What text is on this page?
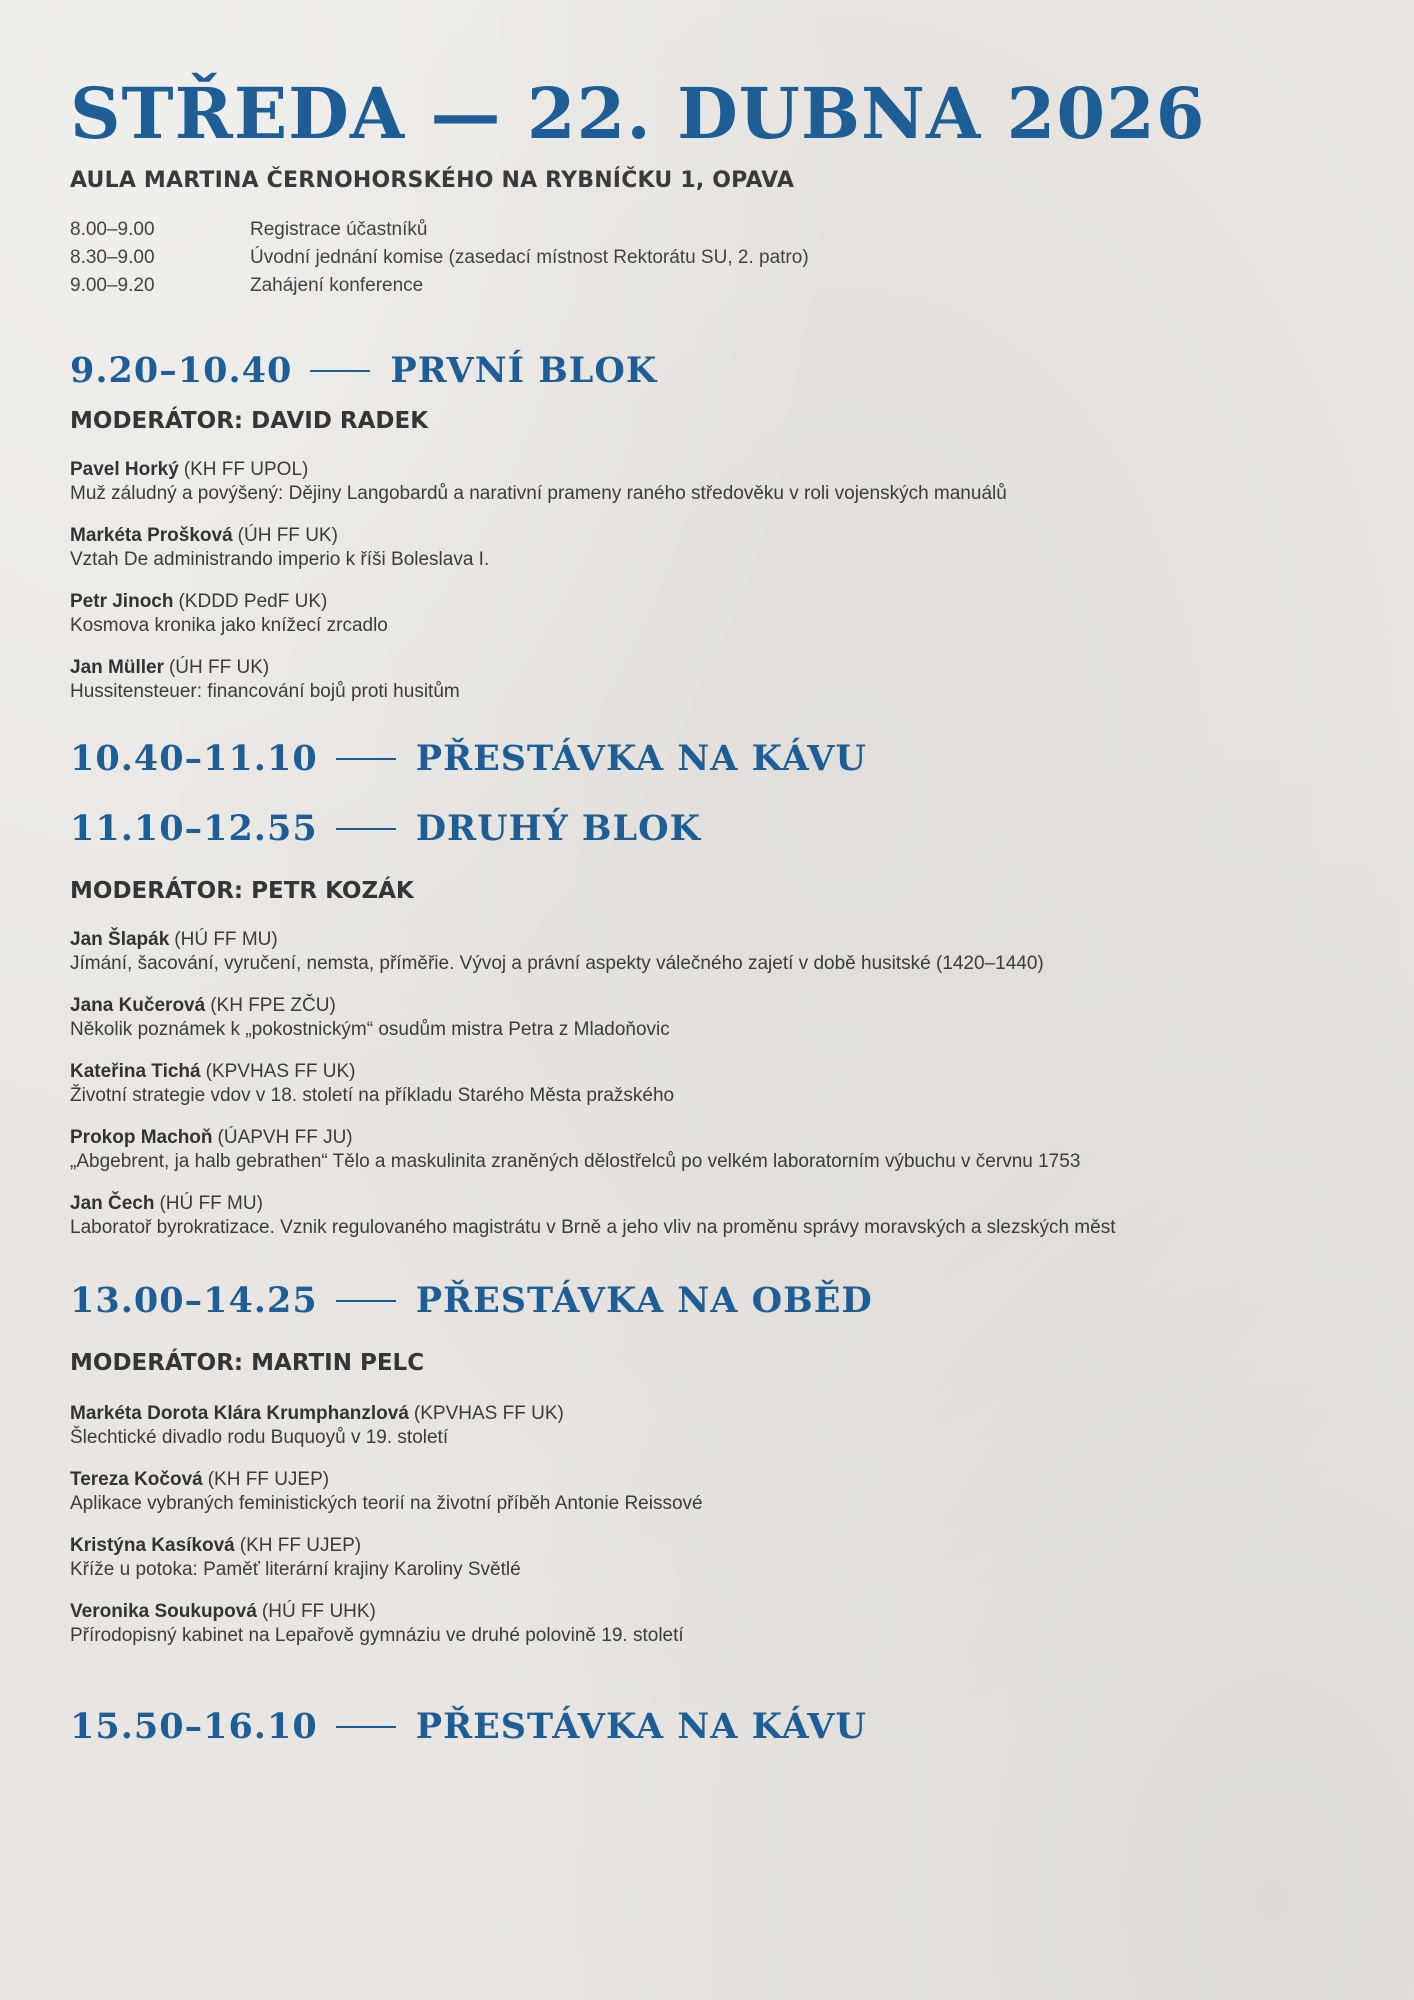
STŘEDA — 22. DUBNA 2026
AULA MARTINA ČERNOHORSKÉHO NA RYBNÍČKU 1, OPAVA
8.00–9.00	Registrace účastníků
8.30–9.00	Úvodní jednání komise (zasedací místnost Rektorátu SU, 2. patro)
9.00–9.20	Zahájení konference
9.20–10.40	PRVNÍ BLOK
MODERÁTOR: DAVID RADEK
Pavel Horký (KH FF UPOL)
Muž záludný a povýšený: Dějiny Langobardů a narativní prameny raného středověku v roli vojenských manuálů
Markéta Prošková (ÚH FF UK)
Vztah De administrando imperio k říši Boleslava I.
Petr Jinoch (KDDD PedF UK)
Kosmova kronika jako knížecí zrcadlo
Jan Müller (ÚH FF UK)
Hussitensteuer: financování bojů proti husitům
10.40–11.10	PŘESTÁVKA NA KÁVU
11.10–12.55	DRUHÝ BLOK
MODERÁTOR: PETR KOZÁK
Jan Šlapák (HÚ FF MU)
Jímání, šacování, vyručení, nemsta, příměřie. Vývoj a právní aspekty válečného zajetí v době husitské (1420–1440)
Jana Kučerová (KH FPE ZČU)
Několik poznámek k „pokostnickým“ osudům mistra Petra z Mladoňovic
Kateřina Tichá (KPVHAS FF UK)
Životní strategie vdov v 18. století na příkladu Starého Města pražského
Prokop Machoň (ÚAPVH FF JU)
„Abgebrent, ja halb gebrathen“ Tělo a maskulinita zraněných dělostřelců po velkém laboratorním výbuchu v červnu 1753
Jan Čech (HÚ FF MU)
Laboratoř byrokratizace. Vznik regulovaného magistrátu v Brně a jeho vliv na proměnu správy moravských a slezských měst
13.00–14.25	PŘESTÁVKA NA OBĚD
MODERÁTOR: MARTIN PELC
Markéta Dorota Klára Krumphanzlová (KPVHAS FF UK)
Šlechtické divadlo rodu Buquoyů v 19. století
Tereza Kočová (KH FF UJEP)
Aplikace vybraných feministických teorií na životní příběh Antonie Reissové
Kristýna Kasíková (KH FF UJEP)
Kříže u potoka: Paměť literární krajiny Karoliny Světlé
Veronika Soukupová (HÚ FF UHK)
Přírodopisný kabinet na Lepařově gymnáziu ve druhé polovině 19. století
15.50–16.10	PŘESTÁVKA NA KÁVU
